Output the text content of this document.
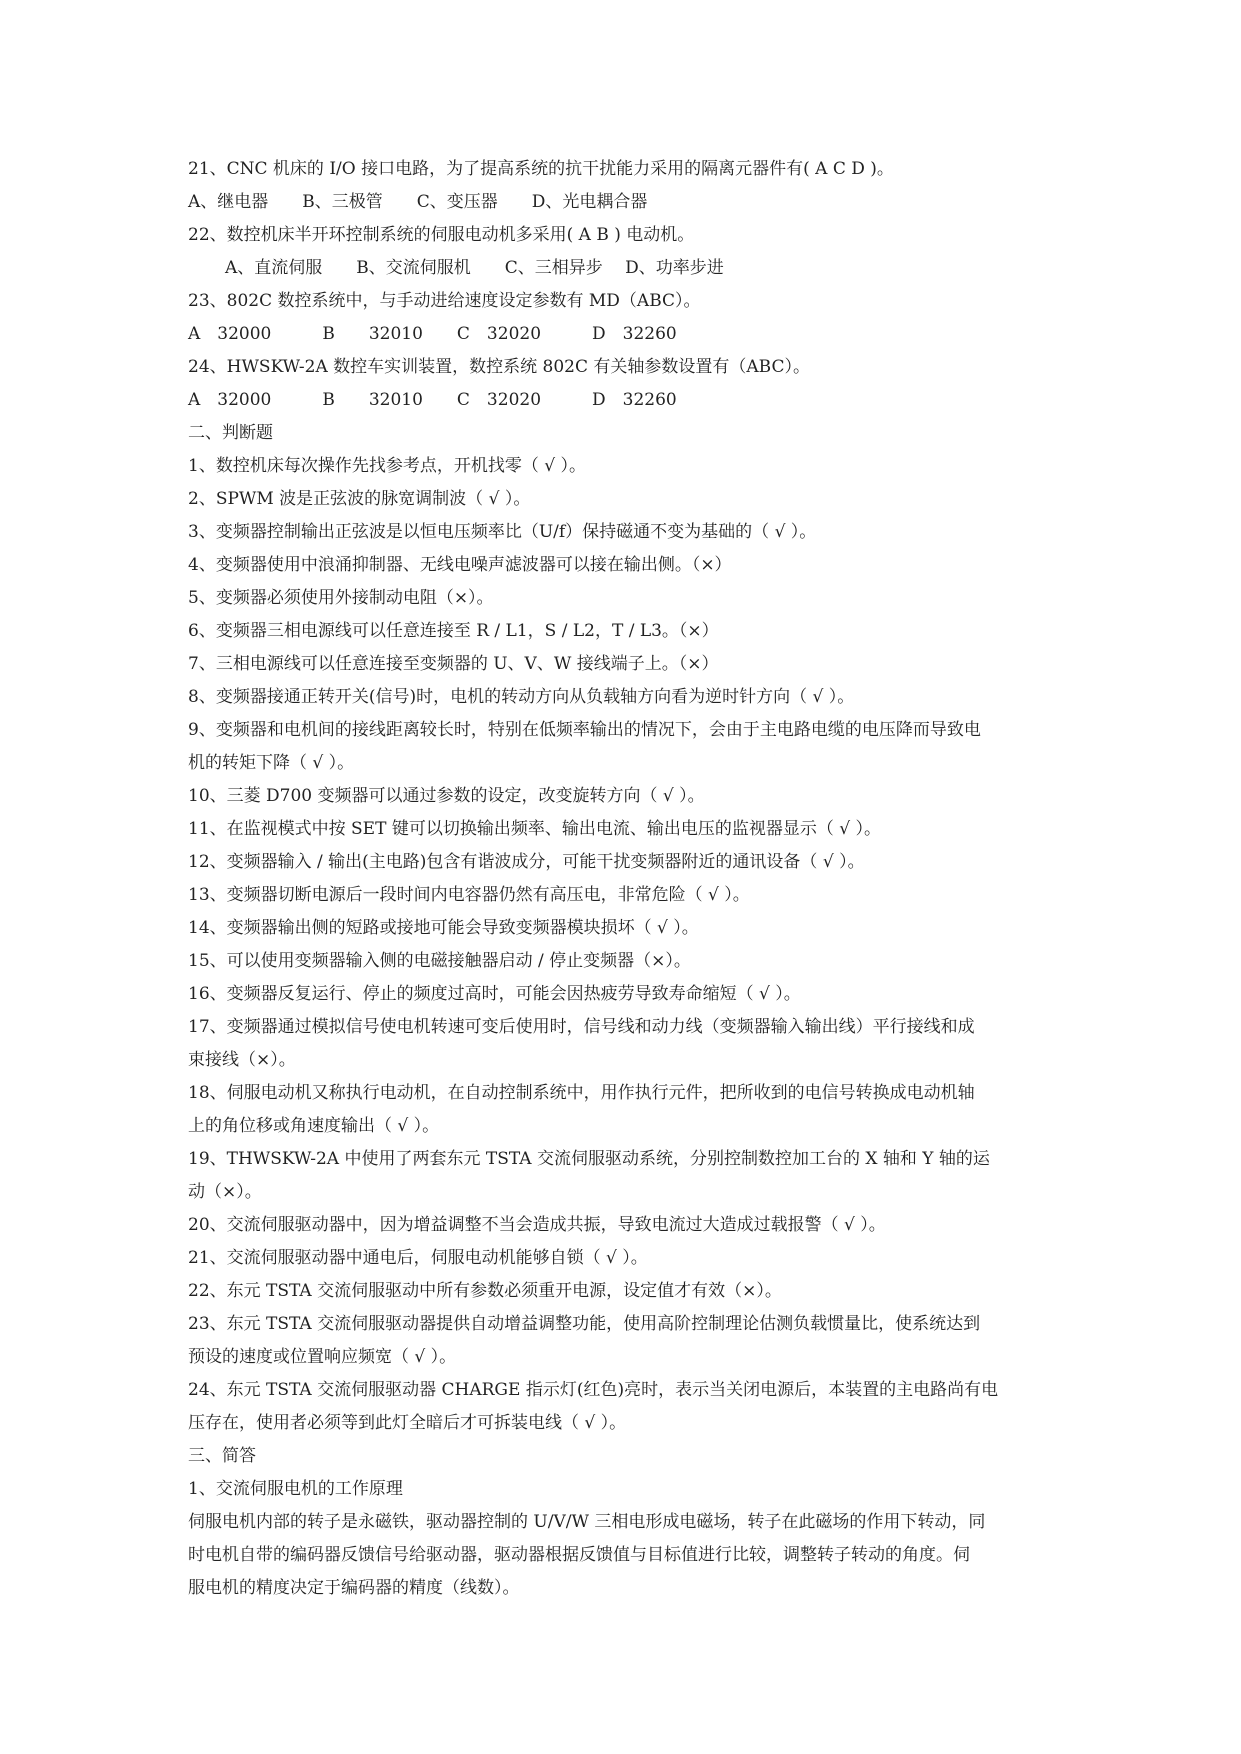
21、CNC 机床的 I/O 接口电路，为了提高系统的抗干扰能力采用的隔离元器件有( A C D )。

A、继电器　　B、三极管　　C、变压器　　D、光电耦合器

22、数控机床半开环控制系统的伺服电动机多采用( A B ) 电动机。

A、直流伺服　　B、交流伺服机　　C、三相异步　 D、功率步进

23、802C 数控系统中，与手动进给速度设定参数有 MD（ABC）。

A　32000　　　B　　32010　　C　32020　　　D　32260

24、HWSKW-2A 数控车实训装置，数控系统 802C 有关轴参数设置有（ABC）。

A　32000　　　B　　32010　　C　32020　　　D　32260

二、判断题

1、数控机床每次操作先找参考点，开机找零（ √ ）。

2、SPWM 波是正弦波的脉宽调制波（ √ ）。

3、变频器控制输出正弦波是以恒电压频率比（U/f）保持磁通不变为基础的（ √ ）。

4、变频器使用中浪涌抑制器、无线电噪声滤波器可以接在输出侧。（×）

5、变频器必须使用外接制动电阻（×）。

6、变频器三相电源线可以任意连接至 R / L1，S / L2，T / L3。（×）

7、三相电源线可以任意连接至变频器的 U、V、W 接线端子上。（×）

8、变频器接通正转开关(信号)时，电机的转动方向从负载轴方向看为逆时针方向（ √ ）。

9、变频器和电机间的接线距离较长时，特别在低频率输出的情况下，会由于主电路电缆的电压降而导致电

机的转矩下降（ √ ）。

10、三菱 D700 变频器可以通过参数的设定，改变旋转方向（ √ ）。

11、在监视模式中按 SET 键可以切换输出频率、输出电流、输出电压的监视器显示（ √ ）。

12、变频器输入 / 输出(主电路)包含有谐波成分，可能干扰变频器附近的通讯设备（ √ ）。

13、变频器切断电源后一段时间内电容器仍然有高压电，非常危险（ √ ）。

14、变频器输出侧的短路或接地可能会导致变频器模块损坏（ √ ）。

15、可以使用变频器输入侧的电磁接触器启动 / 停止变频器（×）。

16、变频器反复运行、停止的频度过高时，可能会因热疲劳导致寿命缩短（ √ ）。

17、变频器通过模拟信号使电机转速可变后使用时，信号线和动力线（变频器输入输出线）平行接线和成

束接线（×）。

18、伺服电动机又称执行电动机，在自动控制系统中，用作执行元件，把所收到的电信号转换成电动机轴

上的角位移或角速度输出（ √ ）。

19、THWSKW-2A 中使用了两套东元 TSTA 交流伺服驱动系统，分别控制数控加工台的 X 轴和 Y 轴的运

动（×）。

20、交流伺服驱动器中，因为增益调整不当会造成共振，导致电流过大造成过载报警（ √ ）。

21、交流伺服驱动器中通电后，伺服电动机能够自锁（ √ ）。

22、东元 TSTA 交流伺服驱动中所有参数必须重开电源，设定值才有效（×）。

23、东元 TSTA 交流伺服驱动器提供自动增益调整功能，使用高阶控制理论估测负载惯量比，使系统达到

预设的速度或位置响应频宽（ √ ）。

24、东元 TSTA 交流伺服驱动器 CHARGE 指示灯(红色)亮时，表示当关闭电源后，本装置的主电路尚有电

压存在，使用者必须等到此灯全暗后才可拆装电线（ √ ）。

三、简答

1、交流伺服电机的工作原理

伺服电机内部的转子是永磁铁，驱动器控制的 U/V/W 三相电形成电磁场，转子在此磁场的作用下转动，同

时电机自带的编码器反馈信号给驱动器，驱动器根据反馈值与目标值进行比较，调整转子转动的角度。伺

服电机的精度决定于编码器的精度（线数）。
